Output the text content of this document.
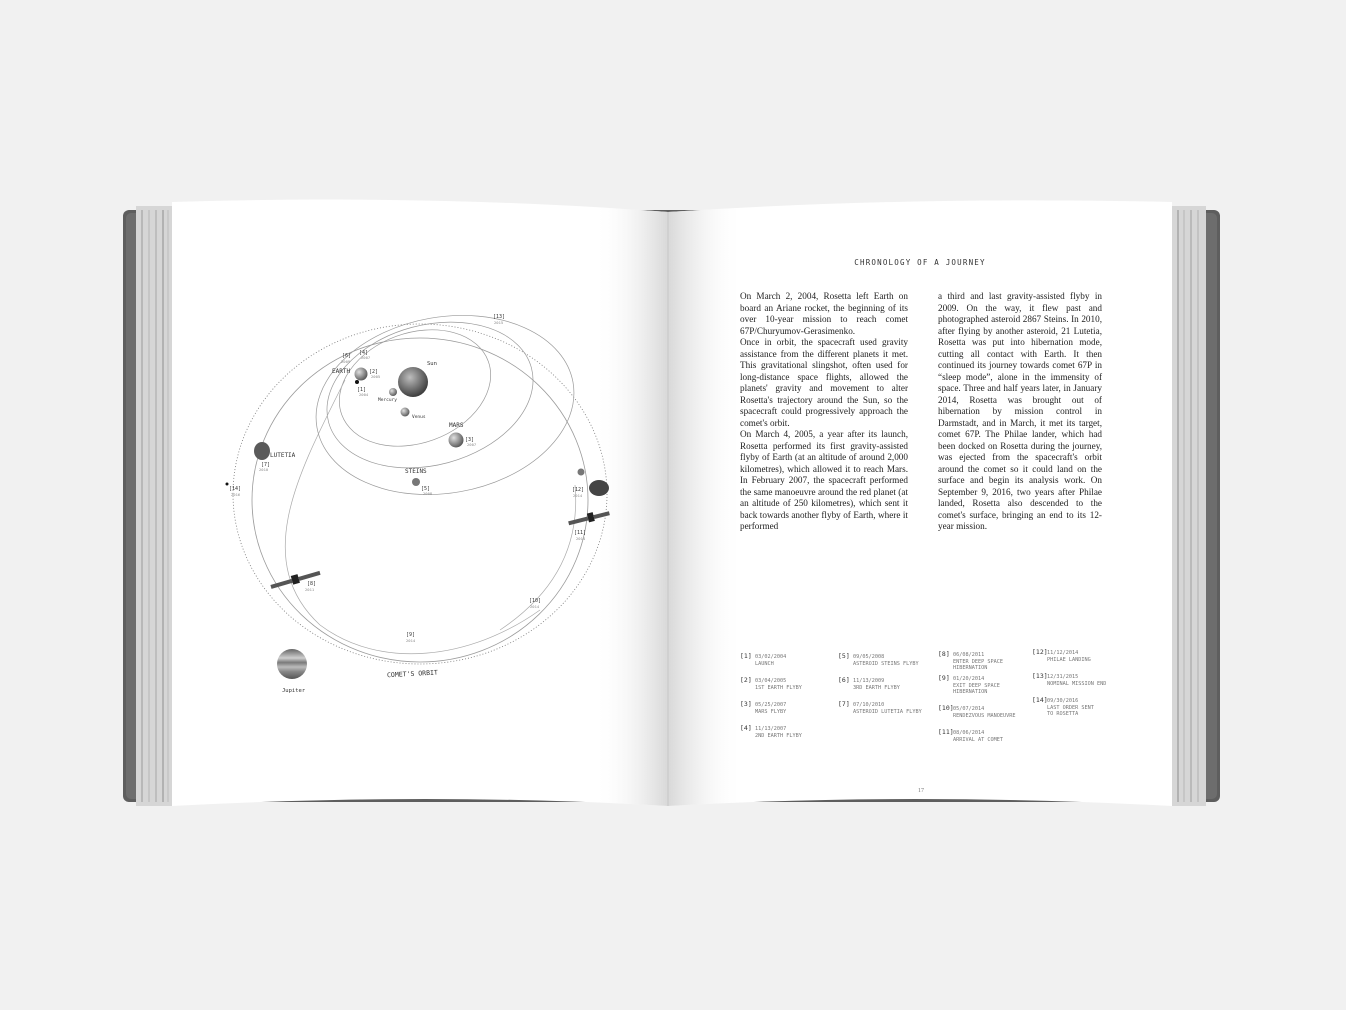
Sun
Mercury
Venus
EARTH
MARS
STEINS
LUTETIA
Jupiter
COMET'S ORBIT
[1]
2004
[2]
2005
[3]
2007
[4]
2007
[5]
2008
[6]
2009
[7]
2010
[8]
2011
[9]
2014
[10]
2014
[11]
2014
[12]
2014
[13]
2015
[14]
2016
CHRONOLOGY OF A JOURNEY

On March 2, 2004, Rosetta left Earth on board an Ariane rocket, the beginning of its over 10-year mission to reach comet 67P/Churyumov-Gerasimenko.

Once in orbit, the spacecraft used gravity assistance from the different planets it met. This gravitational slingshot, often used for long-distance space flights, allowed the planets' gravity and movement to alter Rosetta's trajectory around the Sun, so the spacecraft could progressively approach the comet's orbit.

On March 4, 2005, a year after its launch, Rosetta performed its first gravity-assisted flyby of Earth (at an altitude of around 2,000 kilometres), which allowed it to reach Mars. In February 2007, the spacecraft performed the same manoeuvre around the red planet (at an altitude of 250 kilometres), which sent it back towards another flyby of Earth, where it performed

a third and last gravity-assisted flyby in 2009. On the way, it flew past and photographed asteroid 2867 Steins. In 2010, after flying by another asteroid, 21 Lutetia, Rosetta was put into hibernation mode, cutting all contact with Earth. It then continued its journey towards comet 67P in “sleep mode”, alone in the immensity of space. Three and half years later, in January 2014, Rosetta was brought out of hibernation by mission control in Darmstadt, and in March, it met its target, comet 67P. The Philae lander, which had been docked on Rosetta during the journey, was ejected from the spacecraft's orbit around the comet so it could land on the surface and begin its analysis work. On September 9, 2016, two years after Philae landed, Rosetta also descended to the comet's surface, bringing an end to its 12-year mission.

[1] 03/02/2004
LAUNCH
[2] 03/04/2005
1ST EARTH FLYBY
[3] 05/25/2007
MARS FLYBY
[4] 11/13/2007
2ND EARTH FLYBY
[5] 09/05/2008
ASTEROID STEINS FLYBY
[6] 11/13/2009
3RD EARTH FLYBY
[7] 07/10/2010
ASTEROID LUTETIA FLYBY
[8] 06/08/2011
ENTER DEEP SPACE
HIBERNATION
[9] 01/20/2014
EXIT DEEP SPACE
HIBERNATION
[10] 05/07/2014
RENDEZVOUS MANOEUVRE
[11] 08/06/2014
ARRIVAL AT COMET
[12] 11/12/2014
PHILAE LANDING
[13] 12/31/2015
NOMINAL MISSION END
[14] 09/30/2016
LAST ORDER SENT
TO ROSETTA
17
